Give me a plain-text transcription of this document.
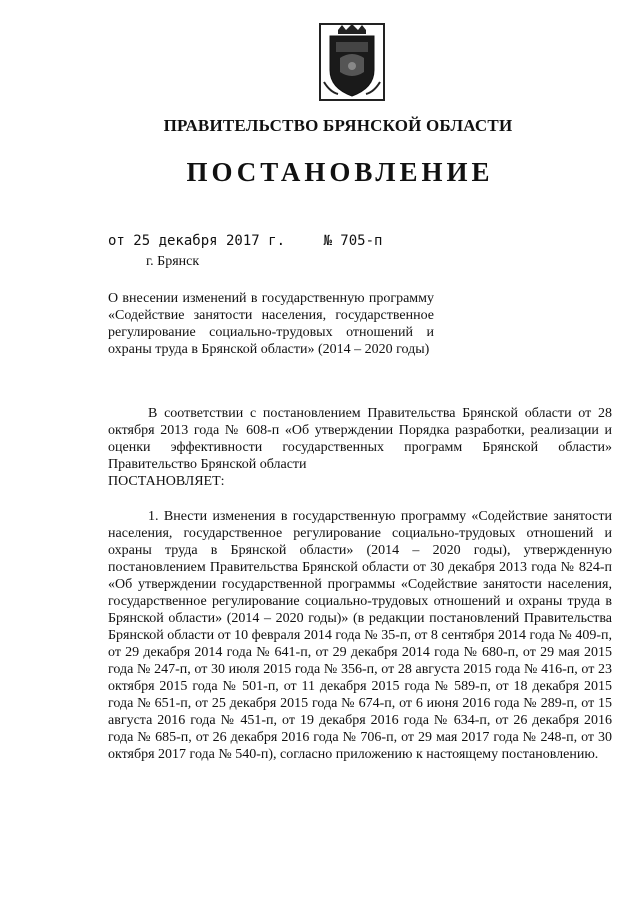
ПРАВИТЕЛЬСТВО БРЯНСКОЙ ОБЛАСТИ
ПОСТАНОВЛЕНИЕ
от 25 декабря 2017 г.	№ 705-п
г. Брянск
О внесении изменений в государственную программу «Содействие занятости населения, государственное регулирование социально-трудовых отношений и охраны труда в Брянской области» (2014 – 2020 годы)

В соответствии с постановлением Правительства Брянской области от 28 октября 2013 года № 608-п «Об утверждении Порядка разработки, реализации и оценки эффективности государственных программ Брянской области» Правительство Брянской области

ПОСТАНОВЛЯЕТ:

1. Внести изменения в государственную программу «Содействие занятости населения, государственное регулирование социально-трудовых отношений и охраны труда в Брянской области» (2014 – 2020 годы), утвержденную постановлением Правительства Брянской области от 30 декабря 2013 года № 824-п «Об утверждении государственной программы «Содействие занятости населения, государственное регулирование социально-трудовых отношений и охраны труда в Брянской области» (2014 – 2020 годы)» (в редакции постановлений Правительства Брянской области от 10 февраля 2014 года № 35-п, от 8 сентября 2014 года № 409-п, от 29 декабря 2014 года № 641-п, от 29 декабря 2014 года № 680-п, от 29 мая 2015 года № 247-п, от 30 июля 2015 года № 356-п, от 28 августа 2015 года № 416-п, от 23 октября 2015 года № 501-п, от 11 декабря 2015 года № 589-п, от 18 декабря 2015 года № 651-п, от 25 декабря 2015 года № 674-п, от 6 июня 2016 года № 289-п, от 15 августа 2016 года № 451-п, от 19 декабря 2016 года № 634-п, от 26 декабря 2016 года № 685-п, от 26 декабря 2016 года № 706-п, от 29 мая 2017 года № 248-п, от 30 октября 2017 года № 540-п), согласно приложению к настоящему постановлению.
